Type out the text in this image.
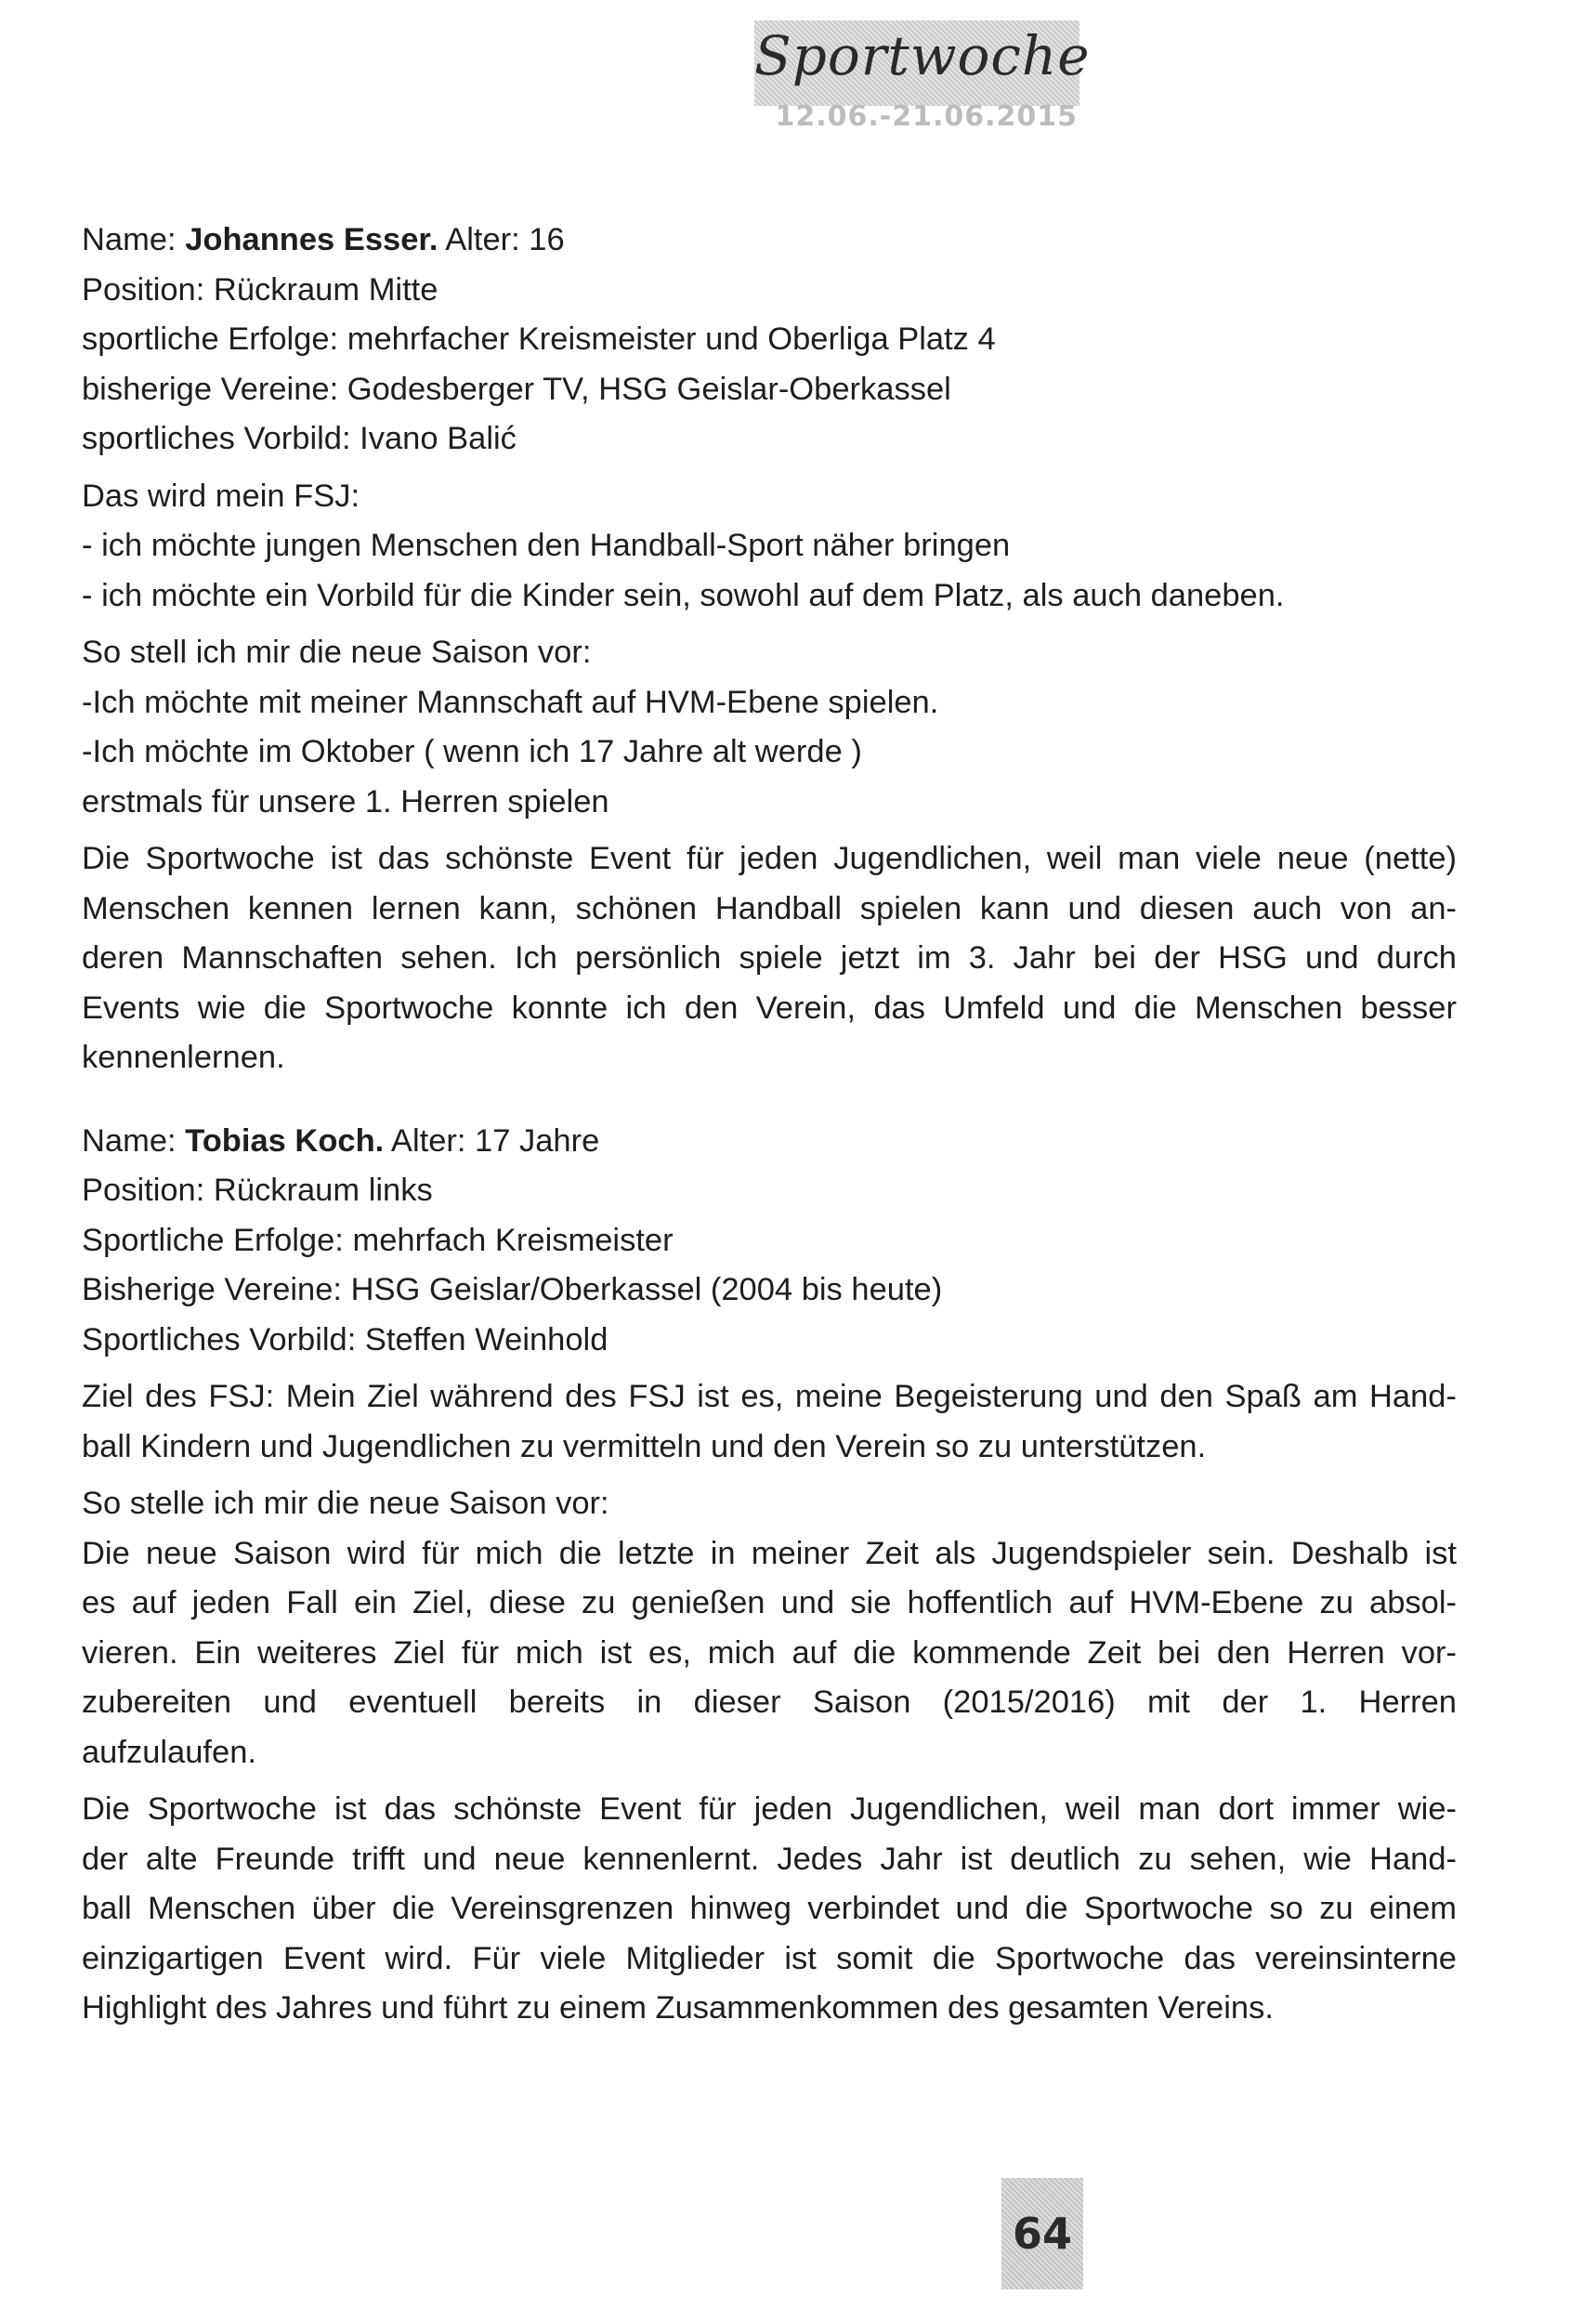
Sportwoche
12.06.-21.06.2015
Name: Johannes Esser. Alter: 16
Position: Rückraum Mitte
sportliche Erfolge: mehrfacher Kreismeister und Oberliga Platz 4
bisherige Vereine: Godesberger TV, HSG Geislar-Oberkassel
sportliches Vorbild: Ivano Balić
Das wird mein FSJ:
- ich möchte jungen Menschen den Handball-Sport näher bringen
- ich möchte ein Vorbild für die Kinder sein, sowohl auf dem Platz, als auch daneben.
So stell ich mir die neue Saison vor:
-Ich möchte mit meiner Mannschaft auf HVM-Ebene spielen.
-Ich möchte im Oktober ( wenn ich 17 Jahre alt werde )
erstmals für unsere 1. Herren spielen
Die Sportwoche ist das schönste Event für jeden Jugendlichen, weil man viele neue (nette)
Menschen kennen lernen kann, schönen Handball spielen kann und diesen auch von an-
deren Mannschaften sehen. Ich persönlich spiele jetzt im 3. Jahr bei der HSG und durch
Events wie die Sportwoche konnte ich den Verein, das Umfeld und die Menschen besser
kennenlernen.
Name: Tobias Koch. Alter: 17 Jahre
Position: Rückraum links
Sportliche Erfolge: mehrfach Kreismeister
Bisherige Vereine: HSG Geislar/Oberkassel (2004 bis heute)
Sportliches Vorbild: Steffen Weinhold
Ziel des FSJ: Mein Ziel während des FSJ ist es, meine Begeisterung und den Spaß am Hand-
ball Kindern und Jugendlichen zu vermitteln und den Verein so zu unterstützen.
So stelle ich mir die neue Saison vor:
Die neue Saison wird für mich die letzte in meiner Zeit als Jugendspieler sein. Deshalb ist
es auf jeden Fall ein Ziel, diese zu genießen und sie hoffentlich auf HVM-Ebene zu absol-
vieren. Ein weiteres Ziel für mich ist es, mich auf die kommende Zeit bei den Herren vor-
zubereiten und eventuell bereits in dieser Saison (2015/2016) mit der 1. Herren
aufzulaufen.
Die Sportwoche ist das schönste Event für jeden Jugendlichen, weil man dort immer wie-
der alte Freunde trifft und neue kennenlernt. Jedes Jahr ist deutlich zu sehen, wie Hand-
ball Menschen über die Vereinsgrenzen hinweg verbindet und die Sportwoche so zu einem
einzigartigen Event wird. Für viele Mitglieder ist somit die Sportwoche das vereinsinterne
Highlight des Jahres und führt zu einem Zusammenkommen des gesamten Vereins.
64
